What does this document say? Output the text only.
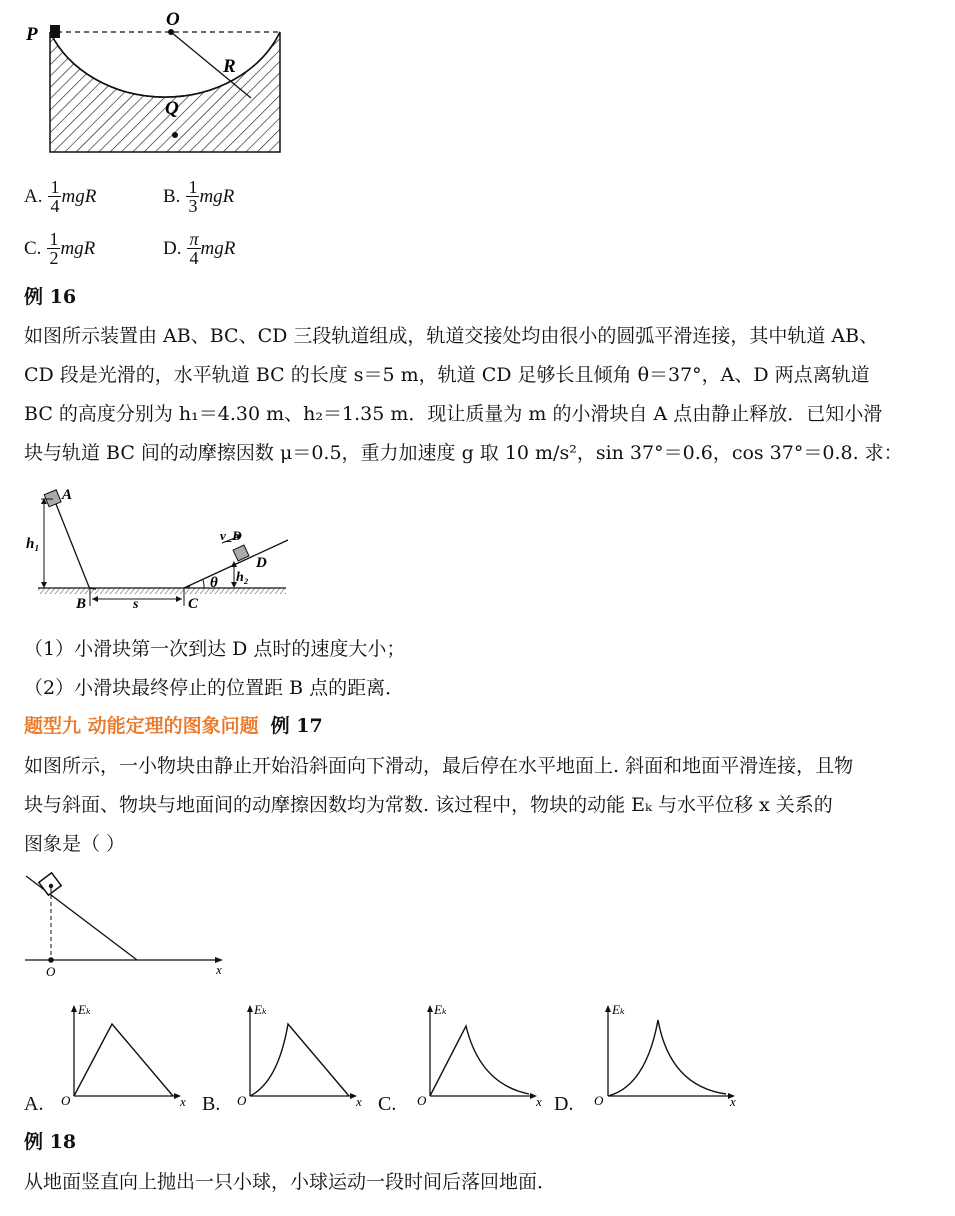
P
O
R
Q
A. $\frac{1}{4}$ mgR	B. $\frac{1}{3}$ mgR
C. $\frac{1}{2}$ mgR	D. $\frac{\pi}{4}$ mgR
例 16
如图所示装置由 AB、BC、CD 三段轨道组成，轨道交接处均由很小的圆弧平滑连接，其中轨道 AB、
CD 段是光滑的，水平轨道 BC 的长度 s＝5 m，轨道 CD 足够长且倾角 θ＝37°，A、D 两点离轨道
BC 的高度分别为 h₁＝4.30 m、h₂＝1.35 m．现让质量为 m 的小滑块自 A 点由静止释放．已知小滑
块与轨道 BC 间的动摩擦因数 μ＝0.5，重力加速度 g 取 10 m/s²，sin 37°＝0.6，cos 37°＝0.8. 求：
A
h₁
B	s	C
v_D
D
θ h₂
（1）小滑块第一次到达 D 点时的速度大小；
（2）小滑块最终停止的位置距 B 点的距离．
题型九 动能定理的图象问题 例 17
如图所示，一小物块由静止开始沿斜面向下滑动，最后停在水平地面上. 斜面和地面平滑连接，且物
块与斜面、物块与地面间的动摩擦因数均为常数. 该过程中，物块的动能 Eₖ 与水平位移 x 关系的
图象是（ ）
O	x
A.
Eₖ
O	x B.
Eₖ
O	x C.
Eₖ
O	x D.
Eₖ
O	x
例 18
从地面竖直向上抛出一只小球，小球运动一段时间后落回地面．
